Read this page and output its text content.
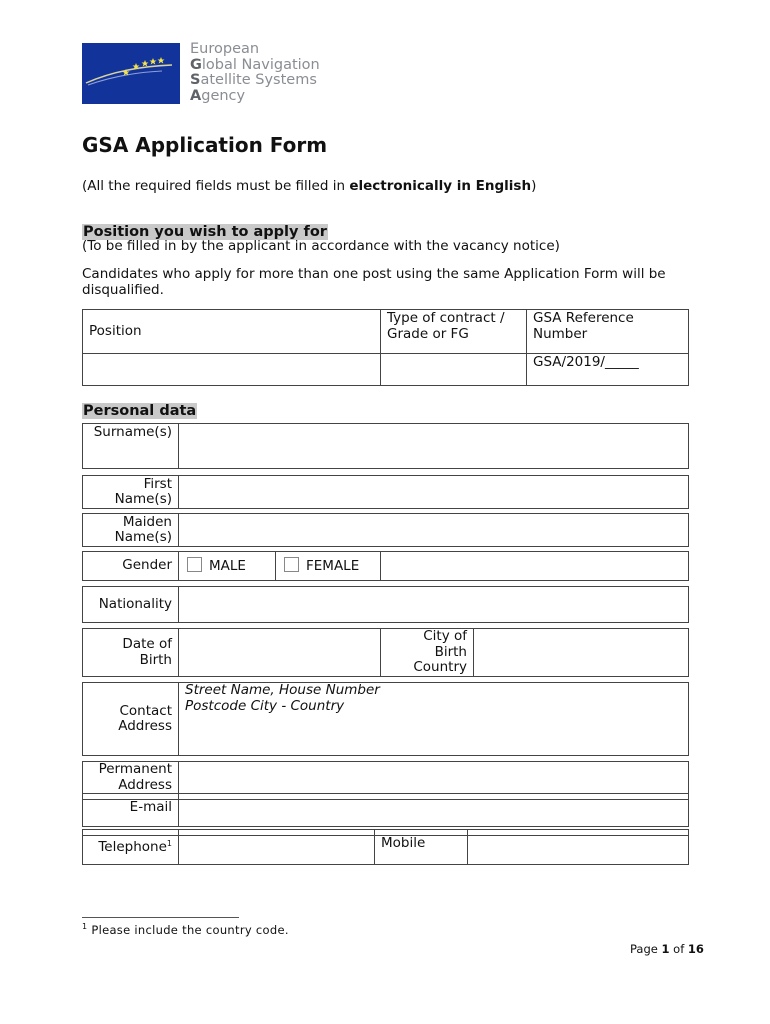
European
Global Navigation
Satellite Systems
Agency
GSA Application Form
(All the required fields must be filled in electronically in English)
Position you wish to apply for
(To be filled in by the applicant in accordance with the vacancy notice)
Candidates who apply for more than one post using the same Application Form will be disqualified.
Position	Type of contract / Grade or FG	GSA Reference Number
		GSA/2019/_____
Personal data
Surname(s)	
First Name(s)	
Maiden Name(s)	
Gender	MALE	FEMALE	
Nationality	
Date of Birth		City of Birth Country	
Contact Address	
Street Name, House Number
Postcode City - Country
Permanent Address	

E-mail	

Telephone$^1$		Mobile	
$^1$ Please include the country code.
Page 1 of 16
